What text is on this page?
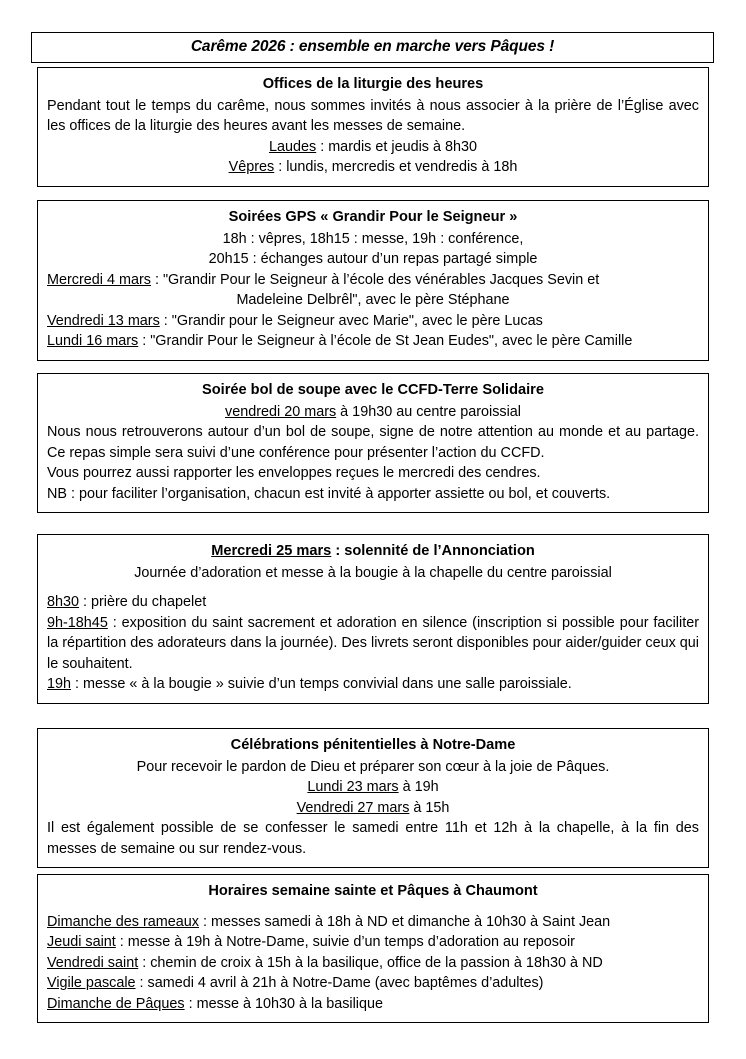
Carême 2026 : ensemble en marche vers Pâques !
Offices de la liturgie des heures

Pendant tout le temps du carême, nous sommes invités à nous associer à la prière de l’Église avec les offices de la liturgie des heures avant les messes de semaine.

Laudes : mardis et jeudis à 8h30

Vêpres : lundis, mercredis et vendredis à 18h

Soirées GPS « Grandir Pour le Seigneur »

18h : vêpres, 18h15 : messe, 19h : conférence,

20h15 : échanges autour d’un repas partagé simple

Mercredi 4 mars : "Grandir Pour le Seigneur à l’école des vénérables Jacques Sevin et

Madeleine Delbrêl", avec le père Stéphane

Vendredi 13 mars : "Grandir pour le Seigneur avec Marie", avec le père Lucas

Lundi 16 mars : "Grandir Pour le Seigneur à l’école de St Jean Eudes", avec le père Camille

Soirée bol de soupe avec le CCFD-Terre Solidaire

vendredi 20 mars à 19h30 au centre paroissial

Nous nous retrouverons autour d’un bol de soupe, signe de notre attention au monde et au partage. Ce repas simple sera suivi d’une conférence pour présenter l’action du CCFD.

Vous pourrez aussi rapporter les enveloppes reçues le mercredi des cendres.

NB : pour faciliter l’organisation, chacun est invité à apporter assiette ou bol, et couverts.

Mercredi 25 mars : solennité de l’Annonciation

Journée d’adoration et messe à la bougie à la chapelle du centre paroissial

8h30 : prière du chapelet

9h-18h45 : exposition du saint sacrement et adoration en silence (inscription si possible pour faciliter la répartition des adorateurs dans la journée). Des livrets seront disponibles pour aider/guider ceux qui le souhaitent.

19h : messe « à la bougie » suivie d’un temps convivial dans une salle paroissiale.

Célébrations pénitentielles à Notre-Dame

Pour recevoir le pardon de Dieu et préparer son cœur à la joie de Pâques.

Lundi 23 mars à 19h

Vendredi 27 mars à 15h

Il est également possible de se confesser le samedi entre 11h et 12h à la chapelle, à la fin des messes de semaine ou sur rendez-vous.

Horaires semaine sainte et Pâques à Chaumont

Dimanche des rameaux : messes samedi à 18h à ND et dimanche à 10h30 à Saint Jean

Jeudi saint : messe à 19h à Notre-Dame, suivie d’un temps d’adoration au reposoir

Vendredi saint : chemin de croix à 15h à la basilique, office de la passion à 18h30 à ND

Vigile pascale : samedi 4 avril à 21h à Notre-Dame (avec baptêmes d’adultes)

Dimanche de Pâques : messe à 10h30 à la basilique
